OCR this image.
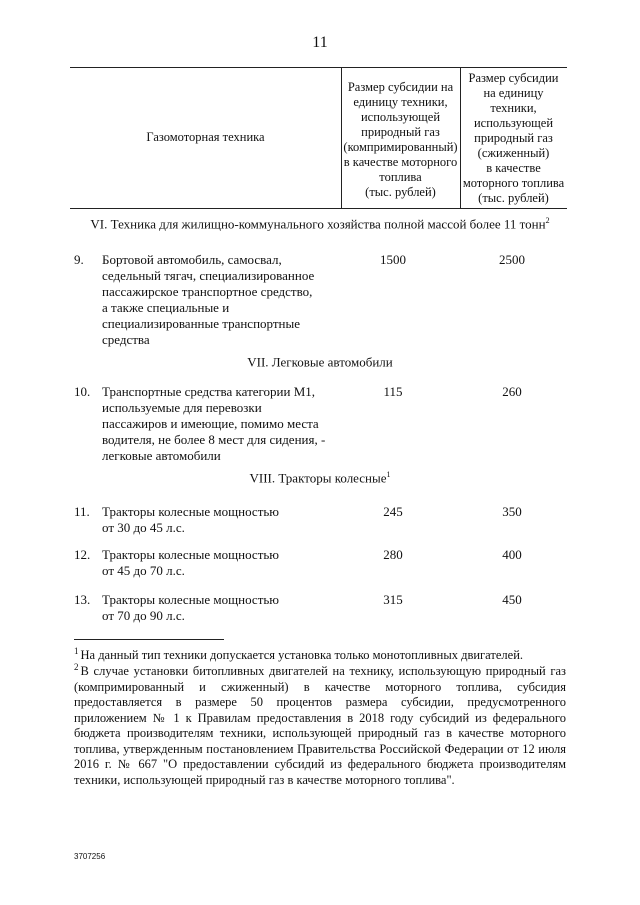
11
Газомоторная техника
Размер субсидии на
единицу техники,
использующей
природный газ
(компримированный)
в качестве моторного
топлива
(тыс. рублей)
Размер субсидии
на единицу
техники,
использующей
природный газ
(сжиженный)
в качестве
моторного топлива
(тыс. рублей)
VI. Техника для жилищно-коммунального хозяйства полной массой более 11 тонн$^2$
9. Бортовой автомобиль, самосвал,
седельный тягач, специализированное
пассажирское транспортное средство,
а также специальные и
специализированные транспортные
средства
1500	2500
VII. Легковые автомобили
10. Транспортные средства категории М1,
используемые для перевозки
пассажиров и имеющие, помимо места
водителя, не более 8 мест для сидения, -
легковые автомобили
115	260
VIII. Тракторы колесные$^1$
11. Тракторы колесные мощностью
от 30 до 45 л.с.
245	350
12. Тракторы колесные мощностью
от 45 до 70 л.с.
280	400
13. Тракторы колесные мощностью
от 70 до 90 л.с.
315	450
$^1$ На данный тип техники допускается установка только монотопливных двигателей.
$^2$ В случае установки битопливных двигателей на технику, использующую природный газ (компримированный и сжиженный) в качестве моторного топлива, субсидия предоставляется в размере 50 процентов размера субсидии, предусмотренного приложением № 1 к Правилам предоставления в 2018 году субсидий из федерального бюджета производителям техники, использующей природный газ в качестве моторного топлива, утвержденным постановлением Правительства Российской Федерации от 12 июля 2016 г. № 667 "О предоставлении субсидий из федерального бюджета производителям техники, использующей природный газ в качестве моторного топлива".
3707256
